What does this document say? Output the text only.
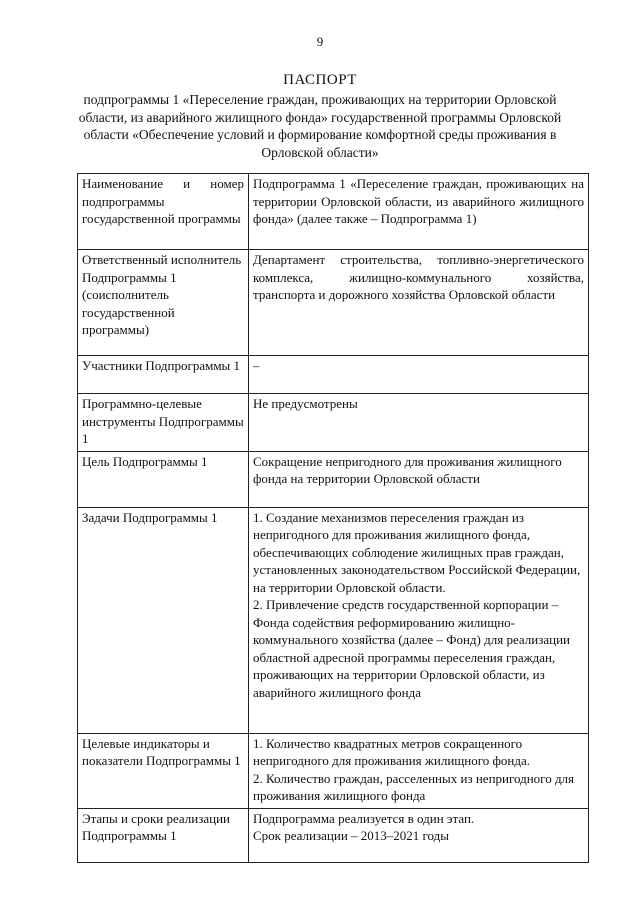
9
ПАСПОРТ
подпрограммы 1 «Переселение граждан, проживающих на территории Орловской области, из аварийного жилищного фонда» государственной программы Орловской области «Обеспечение условий и формирование комфортной среды проживания в Орловской области»
Наименование и номер подпрограммы государственной программы	Подпрограмма 1 «Переселение граждан, проживающих на территории Орловской области, из аварийного жилищного фонда» (далее также – Подпрограмма 1)
Ответственный исполнитель Подпрограммы 1 (соисполнитель государственной программы)	Департамент строительства, топливно-энергетического комплекса, жилищно-коммунального хозяйства, транспорта и дорожного хозяйства Орловской области
Участники Подпрограммы 1	–
Программно-целевые инструменты Подпрограммы 1	Не предусмотрены
Цель Подпрограммы 1	Сокращение непригодного для проживания жилищного фонда на территории Орловской области
Задачи Подпрограммы 1	1. Создание механизмов переселения граждан из непригодного для проживания жилищного фонда, обеспечивающих соблюдение жилищных прав граждан, установленных законодательством Российской Федерации, на территории Орловской области.
2. Привлечение средств государственной корпорации – Фонда содействия реформированию жилищно-коммунального хозяйства (далее – Фонд) для реализации областной адресной программы переселения граждан, проживающих на территории Орловской области, из аварийного жилищного фонда

Целевые индикаторы и показатели Подпрограммы 1	1. Количество квадратных метров сокращенного непригодного для проживания жилищного фонда.
2. Количество граждан, расселенных из непригодного для проживания жилищного фонда

Этапы и сроки реализации Подпрограммы 1	Подпрограмма реализуется в один этап.
Срок реализации – 2013–2021 годы
